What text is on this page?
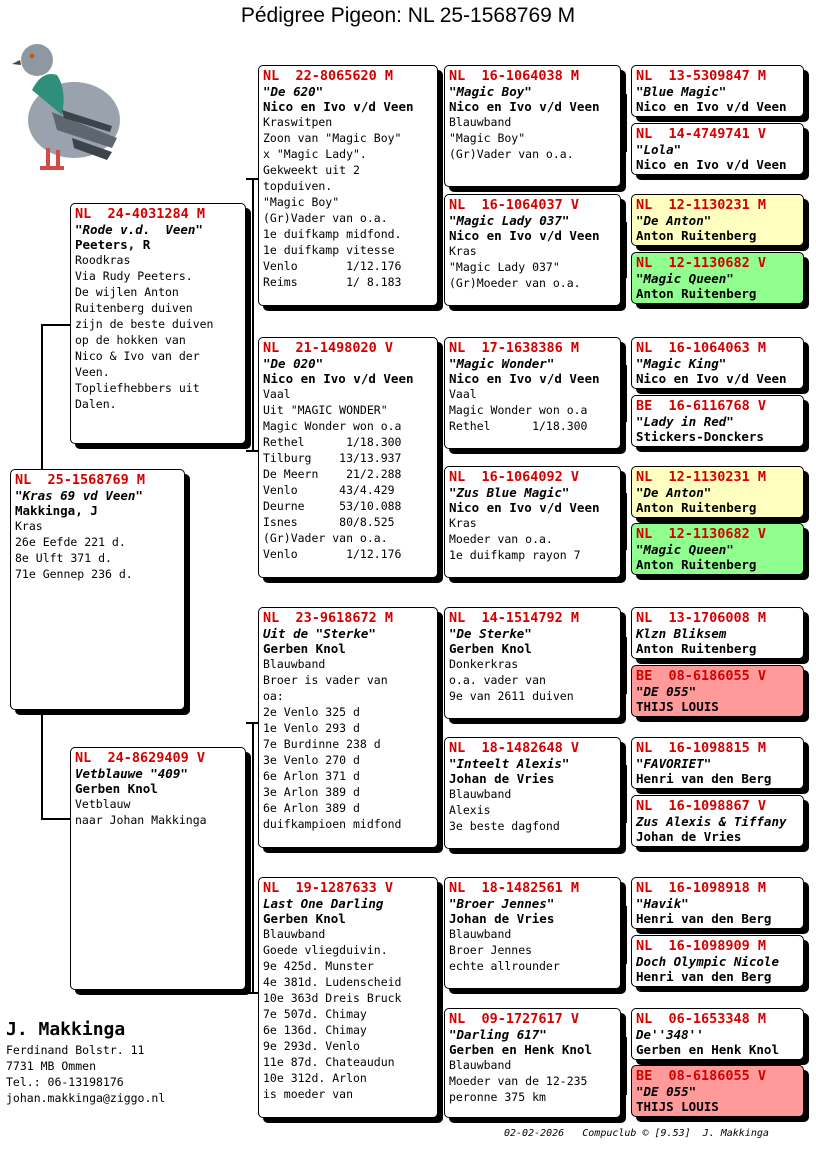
Pédigree Pigeon: NL 25-1568769 M
NL  25-1568769 M
"Kras 69 vd Veen"
Makkinga, J
Kras
26e Eefde 221 d.
8e Ulft 371 d.
71e Gennep 236 d.
NL  24-4031284 M
"Rode v.d.  Veen"
Peeters, R
Roodkras
Via Rudy Peeters.
De wijlen Anton
Ruitenberg duiven
zijn de beste duiven
op de hokken van
Nico & Ivo van der
Veen.
Topliefhebbers uit
Dalen.
NL  24-8629409 V
Vetblauwe "409"
Gerben Knol
Vetblauw
naar Johan Makkinga
NL  22-8065620 M
"De 620"
Nico en Ivo v/d Veen
Kraswitpen
Zoon van "Magic Boy"
x "Magic Lady".
Gekweekt uit 2
topduiven.
"Magic Boy"
(Gr)Vader van o.a.
1e duifkamp midfond.
1e duifkamp vitesse
Venlo       1/12.176
Reims       1/ 8.183
NL  21-1498020 V
"De 020"
Nico en Ivo v/d Veen
Vaal
Uit "MAGIC WONDER"
Magic Wonder won o.a
Rethel      1/18.300
Tilburg    13/13.937
De Meern    21/2.288
Venlo      43/4.429
Deurne     53/10.088
Isnes      80/8.525
(Gr)Vader van o.a.
Venlo       1/12.176
NL  23-9618672 M
Uit de "Sterke"
Gerben Knol
Blauwband
Broer is vader van
oa:
2e Venlo 325 d
1e Venlo 293 d
7e Burdinne 238 d
3e Venlo 270 d
6e Arlon 371 d
3e Arlon 389 d
6e Arlon 389 d
duifkampioen midfond
NL  19-1287633 V
Last One Darling
Gerben Knol
Blauwband
Goede vliegduivin.
9e 425d. Munster
4e 381d. Ludenscheid
10e 363d Dreis Bruck
7e 507d. Chimay
6e 136d. Chimay
9e 293d. Venlo
11e 87d. Chateaudun
10e 312d. Arlon
is moeder van
NL  16-1064038 M
"Magic Boy"
Nico en Ivo v/d Veen
Blauwband
"Magic Boy"
(Gr)Vader van o.a.
NL  16-1064037 V
"Magic Lady 037"
Nico en Ivo v/d Veen
Kras
"Magic Lady 037"
(Gr)Moeder van o.a.
NL  17-1638386 M
"Magic Wonder"
Nico en Ivo v/d Veen
Vaal
Magic Wonder won o.a
Rethel      1/18.300
NL  16-1064092 V
"Zus Blue Magic"
Nico en Ivo v/d Veen
Kras
Moeder van o.a.
1e duifkamp rayon 7
NL  14-1514792 M
"De Sterke"
Gerben Knol
Donkerkras
o.a. vader van
9e van 2611 duiven
NL  18-1482648 V
"Inteelt Alexis"
Johan de Vries
Blauwband
Alexis
3e beste dagfond
NL  18-1482561 M
"Broer Jennes"
Johan de Vries
Blauwband
Broer Jennes
echte allrounder
NL  09-1727617 V
"Darling 617"
Gerben en Henk Knol
Blauwband
Moeder van de 12-235
peronne 375 km
NL  13-5309847 M
"Blue Magic"
Nico en Ivo v/d Veen
NL  14-4749741 V
"Lola"
Nico en Ivo v/d Veen
NL  12-1130231 M
"De Anton"
Anton Ruitenberg
NL  12-1130682 V
"Magic Queen"
Anton Ruitenberg
NL  16-1064063 M
"Magic King"
Nico en Ivo v/d Veen
BE  16-6116768 V
"Lady in Red"
Stickers-Donckers
NL  12-1130231 M
"De Anton"
Anton Ruitenberg
NL  12-1130682 V
"Magic Queen"
Anton Ruitenberg
NL  13-1706008 M
Klzn Bliksem
Anton Ruitenberg
BE  08-6186055 V
"DE 055"
THIJS LOUIS
NL  16-1098815 M
"FAVORIET"
Henri van den Berg
NL  16-1098867 V
Zus Alexis & Tiffany
Johan de Vries
NL  16-1098918 M
"Havik"
Henri van den Berg
NL  16-1098909 M
Doch Olympic Nicole
Henri van den Berg
NL  06-1653348 M
De''348''
Gerben en Henk Knol
BE  08-6186055 V
"DE 055"
THIJS LOUIS
J. Makkinga
Ferdinand Bolstr. 11
7731 MB Ommen
Tel.: 06-13198176
johan.makkinga@ziggo.nl
02-02-2026   Compuclub © [9.53]  J. Makkinga
